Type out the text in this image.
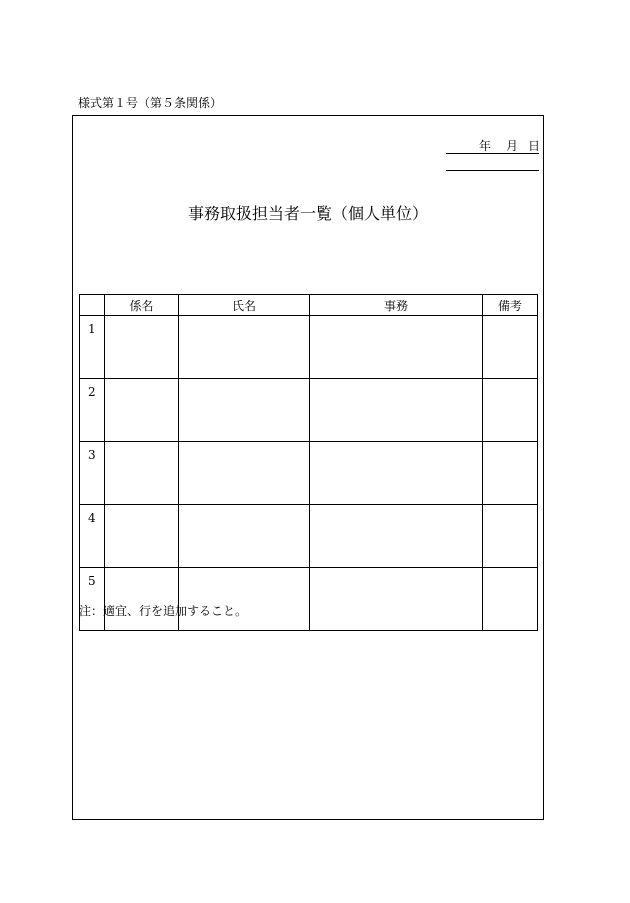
様式第１号（第５条関係）
年 月 日
事務取扱担当者一覧（個人単位）
	係名	氏名	事務	備考
1				
2				
3				
4				
5				
注：適宜、行を追加すること。
